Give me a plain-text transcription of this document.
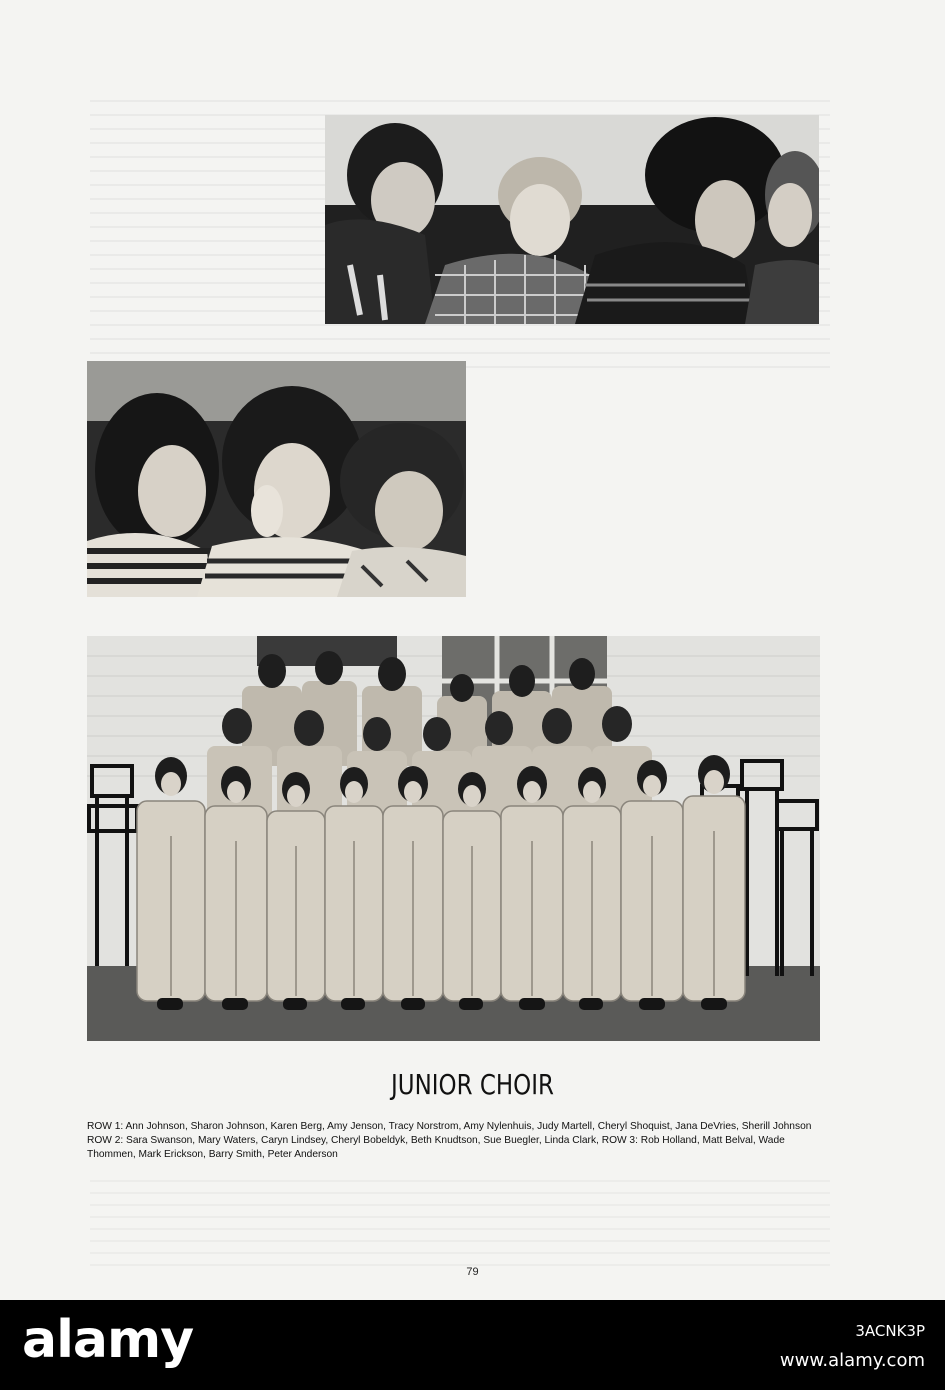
JUNIOR CHOIR
ROW 1: Ann Johnson, Sharon Johnson, Karen Berg, Amy Jenson, Tracy Norstrom, Amy Nylenhuis, Judy Martell, Cheryl Shoquist, Jana DeVries, Sherill Johnson ROW 2: Sara Swanson, Mary Waters, Caryn Lindsey, Cheryl Bobeldyk, Beth Knudtson, Sue Buegler, Linda Clark, ROW 3: Rob Holland, Matt Belval, Wade Thommen, Mark Erickson, Barry Smith, Peter Anderson
79
alamy	3ACNK3P
www.alamy.com
